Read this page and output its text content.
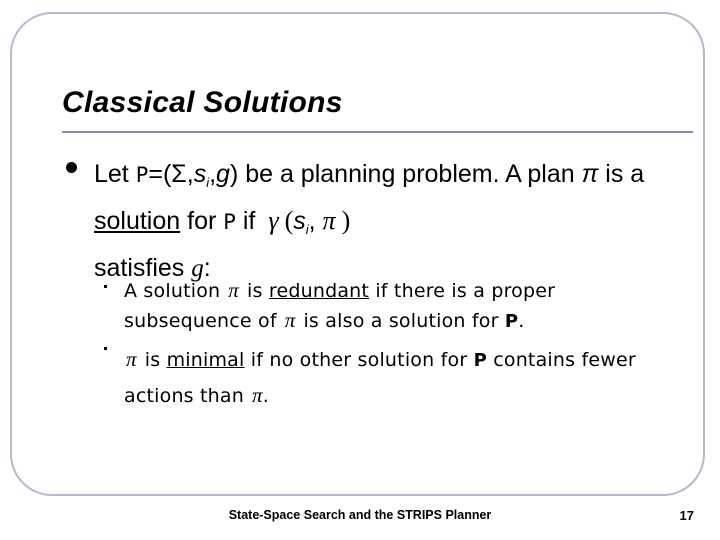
Classical Solutions
Let $P=(\Sigma,s_i,g)$ be a planning problem. A plan π is a solution for P if γ ($s_i$, π )
satisfies g:
A solution π is redundant if there is a proper subsequence of π is also a solution for P.
π is minimal if no other solution for P contains fewer actions than π.
State-Space Search and the STRIPS Planner	17
